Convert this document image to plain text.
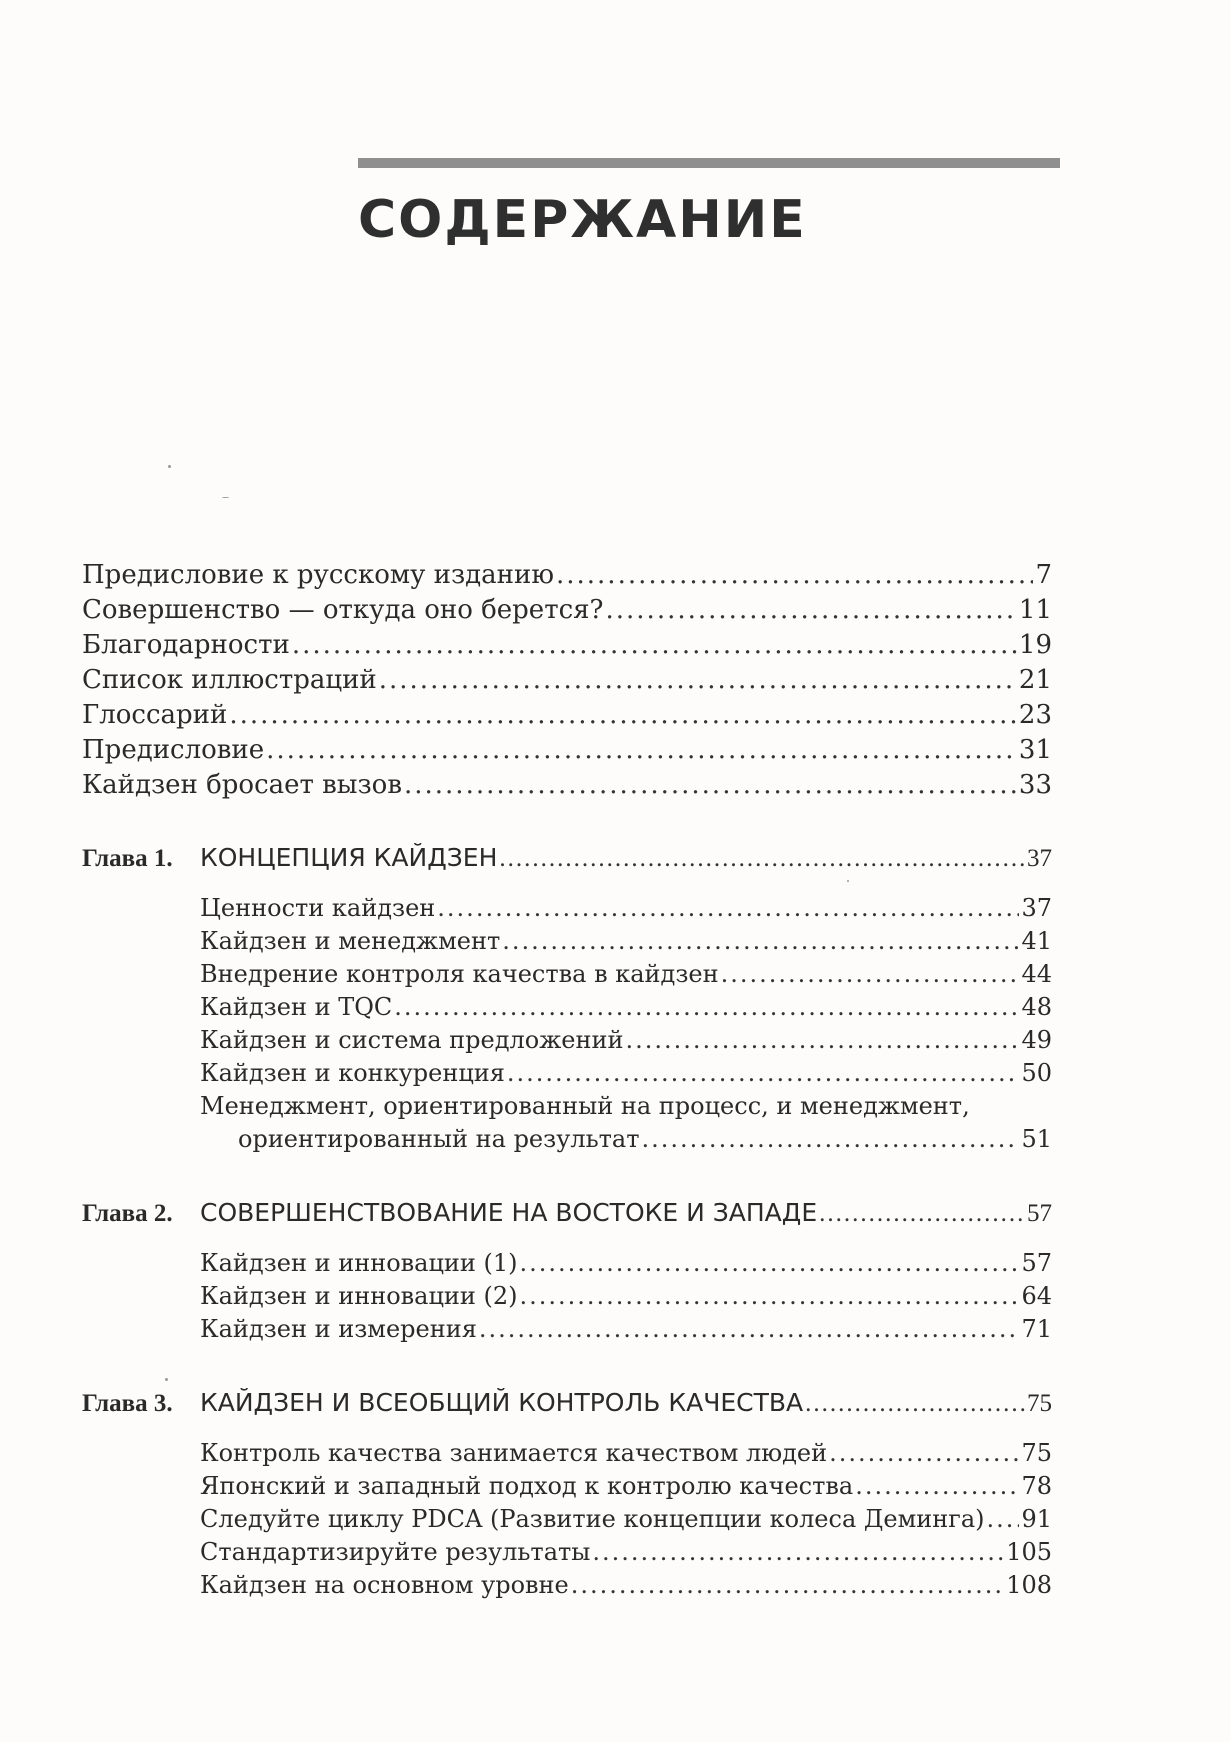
СОДЕРЖАНИЕ
Предисловие к русскому изданию .....	7
Совершенство — откуда оно берется? .....	11
Благодарности .....	19
Список иллюстраций .....	21
Глоссарий .....	23
Предисловие .....	31
Кайдзен бросает вызов .....	33
Глава 1.	КОНЦЕПЦИЯ КАЙДЗЕН .....	37
Ценности кайдзен .....	37
Кайдзен и менеджмент .....	41
Внедрение контроля качества в кайдзен .....	44
Кайдзен и TQC .....	48
Кайдзен и система предложений .....	49
Кайдзен и конкуренция .....	50
Менеджмент, ориентированный на процесс, и менеджмент,
ориентированный на результат .....	51
Глава 2.	СОВЕРШЕНСТВОВАНИЕ НА ВОСТОКЕ И ЗАПАДЕ .....	57
Кайдзен и инновации (1) .....	57
Кайдзен и инновации (2) .....	64
Кайдзен и измерения .....	71
Глава 3.	КАЙДЗЕН И ВСЕОБЩИЙ КОНТРОЛЬ КАЧЕСТВА .....	75
Контроль качества занимается качеством людей .....	75
Японский и западный подход к контролю качества .....	78
Следуйте циклу PDCA (Развитие концепции колеса Деминга) ..... 91
Стандартизируйте результаты .....	105
Кайдзен на основном уровне .....	108
